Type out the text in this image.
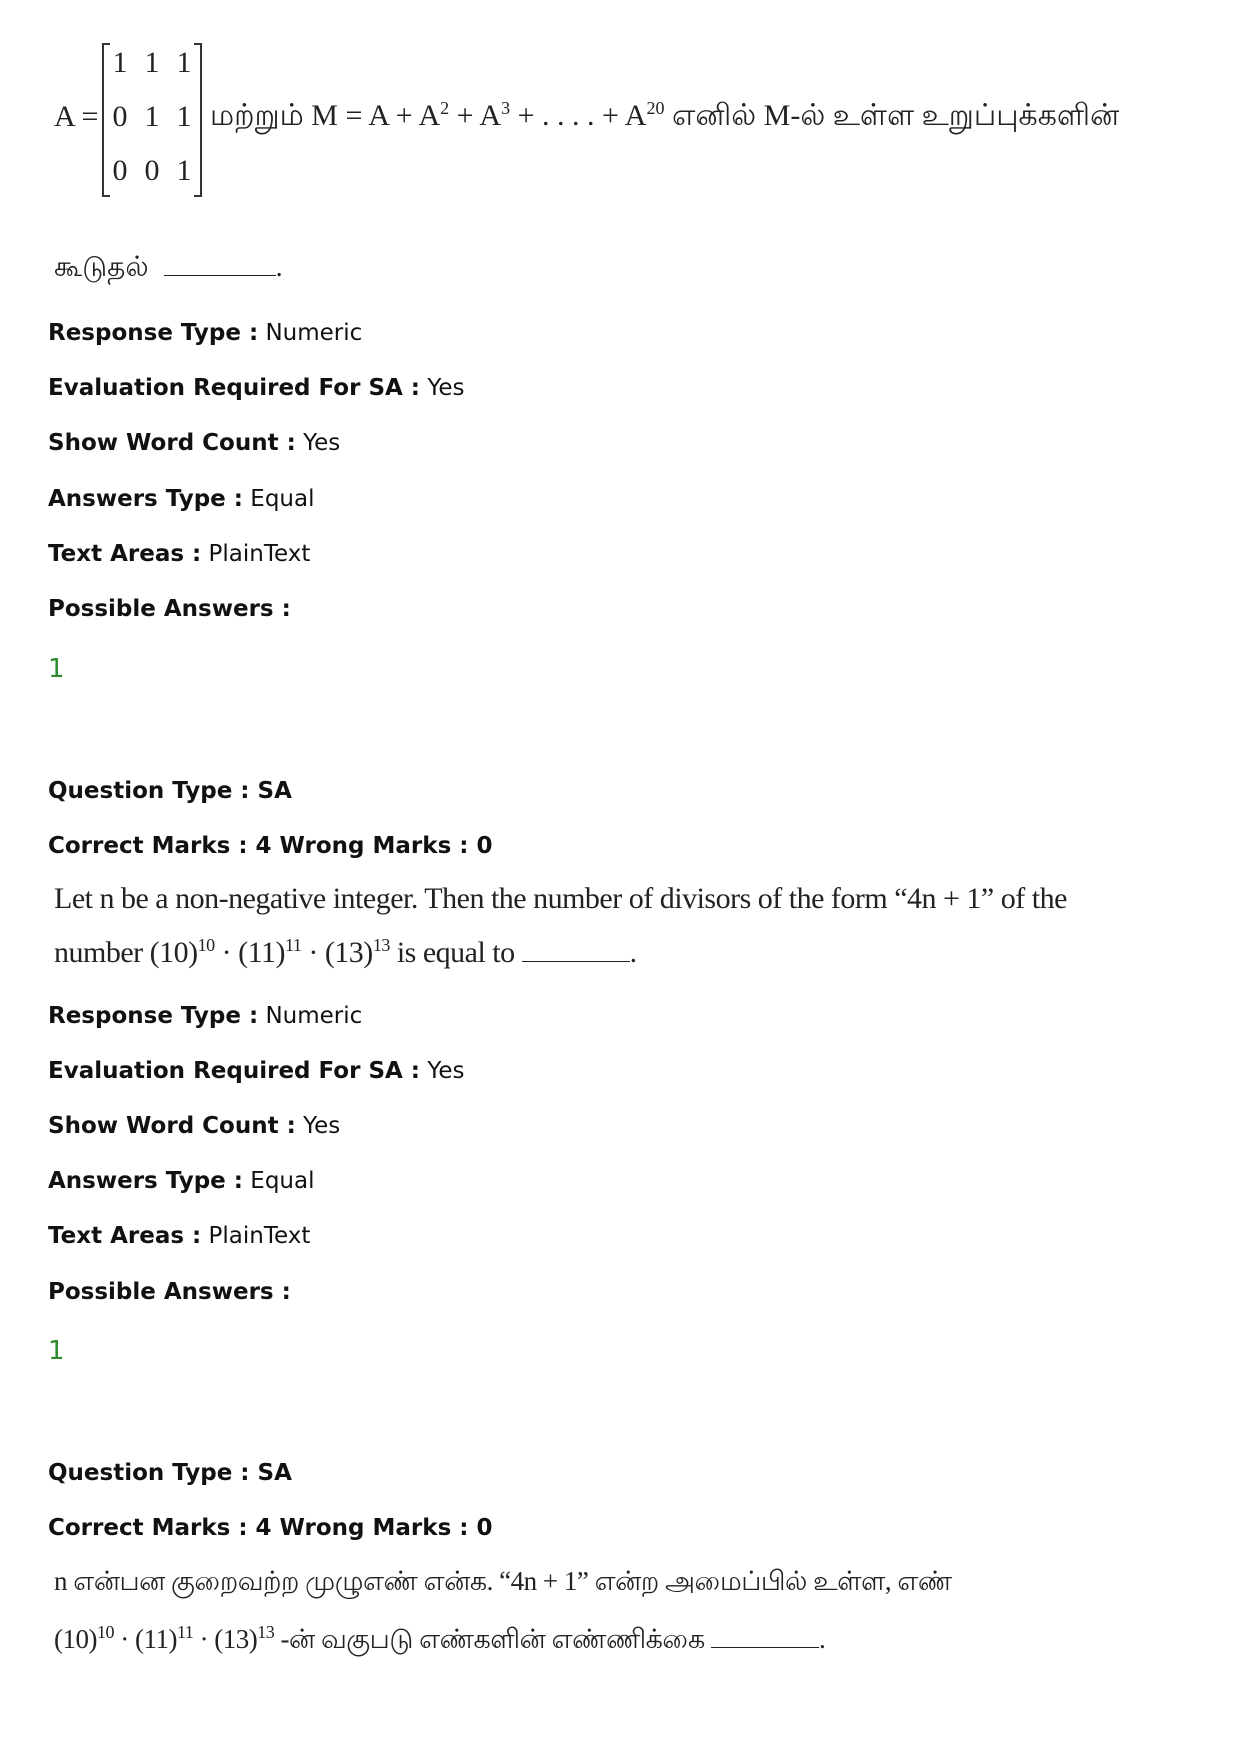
A =
1 1 1
0 1 1
0 0 1
மற்றும் $M = A + A^2 + A^3$ + . . . . + $A^{20}$ எனில் M-ல் உள்ள உறுப்புக்களின்
கூடுதல்	.
Response Type : Numeric
Evaluation Required For SA : Yes
Show Word Count : Yes
Answers Type : Equal
Text Areas : PlainText
Possible Answers :
1
Question Type : SA
Correct Marks : 4 Wrong Marks : 0
Let n be a non-negative integer. Then the number of divisors of the form “4n + 1” of the
number $(10)^{10} \cdot (11)^{11} \cdot (13)^{13}$ is equal to	.
Response Type : Numeric
Evaluation Required For SA : Yes
Show Word Count : Yes
Answers Type : Equal
Text Areas : PlainText
Possible Answers :
1
Question Type : SA
Correct Marks : 4 Wrong Marks : 0
n என்பன குறைவற்ற முழுஎண் என்க. “4n + 1” என்ற அமைப்பில் உள்ள, எண்
$(10)^{10} \cdot (11)^{11} \cdot (13)^{13}$ -ன் வகுபடு எண்களின் எண்ணிக்கை	.
